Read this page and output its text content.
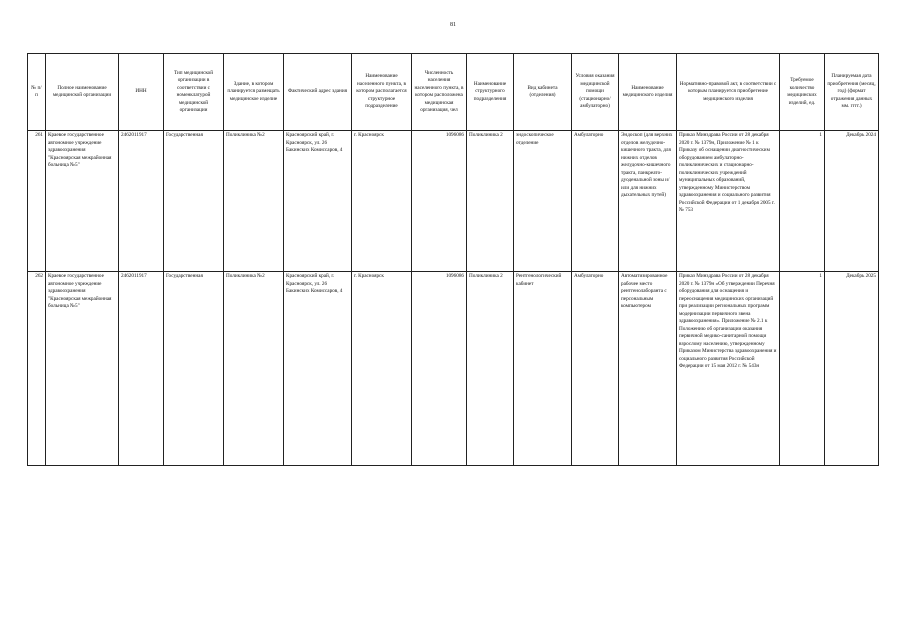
81
№ п/п	Полное наименование медицинской организации	ИНН	Тип медицинской организации в соответствии с номенклатурой медицинской организации	Здание, в котором планируется размещать медицинское изделие	Фактический адрес здания	Наименование населенного пункта, в котором располагается структурное подразделение	Численность населения населенного пункта, в котором расположена медицинская организация, чел	Наименование структурного подразделения	Вид кабинета (отделения)	Условия оказания медицинской помощи (стационарно/ амбулаторно)	Наименование медицинского изделия	Нормативно-правовой акт, в соответствии с которым планируется приобретение медицинского изделия	Требуемое количество медицинских изделий, ед.	Планируемая дата приобретения (месяц, год) (формат отражения данных мм. гггг.)
261	Краевое государственное автономное учреждение здравоохранения "Красноярская межрайонная больница №5"	2462011917	Государственная	Поликлиника №2	Красноярский край, г. Красноярск, ул. 26 Бакинских Комиссаров, 4	г. Красноярск	1096086	Поликлиника 2	эндоскопическое отделение	Амбулаторно	Эндоскоп (для верхних отделов желудочно-кишечного тракта, для нижних отделов желудочно-кишечного тракта, панкреато-дуоденальной зоны и/или для нижних дыхательных путей)	Приказ Минздрава России от 28 декабря 2020 г. № 1379н, Приложение № 1 к Приказу об оснащении диагностическим оборудованием амбулаторно-поликлинических и стационарно-поликлинических учреждений муниципальных образований, утвержденному Министерством здравоохранения и социального развития Российской Федерации от 1 декабря 2005 г. № 753	1	Декабрь 2024
262	Краевое государственное автономное учреждение здравоохранения "Красноярская межрайонная больница №5"	2462011917	Государственная	Поликлиника №2	Красноярский край, г. Красноярск, ул. 26 Бакинских Комиссаров, 4	г. Красноярск	1096086	Поликлиника 2	Рентгенологический кабинет	Амбулаторно	Автоматизированное рабочее место рентгенолаборанта с персональным компьютером	Приказ Минздрава России от 28 декабря 2020 г. № 1379н «Об утверждении Перечня оборудования для оснащения и переоснащения медицинских организаций при реализации региональных программ модернизации первичного звена здравоохранения». Приложение № 2.1 к Положению об организации оказания первичной медико-санитарной помощи взрослому населению, утвержденному Приказом Министерства здравоохранения и социального развития Российской Федерации от 15 мая 2012 г. № 543н	1	Декабрь 2025
